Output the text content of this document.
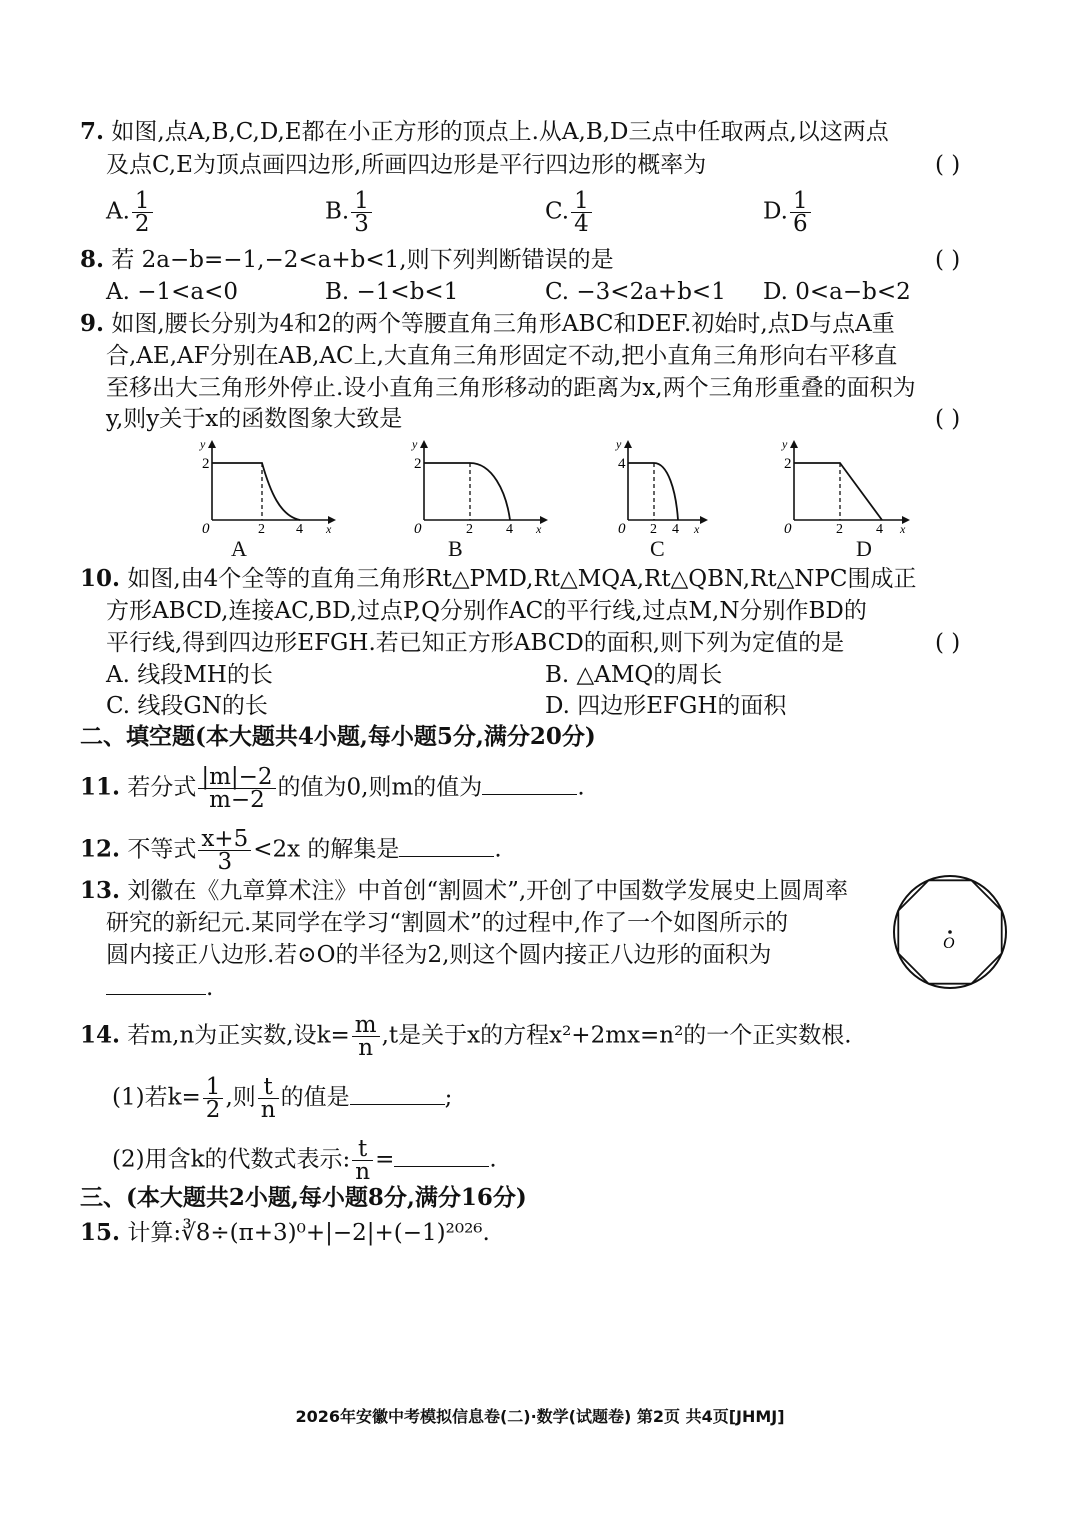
7. 如图,点A,B,C,D,E都在小正方形的顶点上.从A,B,D三点中任取两点,以这两点
及点C,E为顶点画四边形,所画四边形是平行四边形的概率为	( )
A. $\frac{1}{2}$	B. $\frac{1}{3}$	C. $\frac{1}{4}$	D. $\frac{1}{6}$
8. 若 2a−b=−1,−2<a+b<1,则下列判断错误的是	( )
A. −1<a<0	B. −1<b<1	C. −3<2a+b<1 D. 0<a−b<2
9. 如图,腰长分别为4和2的两个等腰直角三角形ABC和DEF.初始时,点D与点A重
合,AE,AF分别在AB,AC上,大直角三角形固定不动,把小直角三角形向右平移直
至移出大三角形外停止.设小直角三角形移动的距离为x,两个三角形重叠的面积为
y,则y关于x的函数图象大致是	( )
2
0	2 4 x
y
A
2
0	2 4 x
y
B
4
0 2 4 x
y
C
2
0	2 4 x
y
D
10. 如图,由4个全等的直角三角形Rt△PMD,Rt△MQA,Rt△QBN,Rt△NPC围成正
方形ABCD,连接AC,BD,过点P,Q分别作AC的平行线,过点M,N分别作BD的
平行线,得到四边形EFGH.若已知正方形ABCD的面积,则下列为定值的是	( )
A. 线段MH的长	B. △AMQ的周长
C. 线段GN的长	D. 四边形EFGH的面积
二、填空题(本大题共4小题,每小题5分,满分20分)
11. 若分式 $\frac{|m|-2}{m-2}$ 的值为0,则m的值为	.
12. 不等式 $\frac{x+5}{3} <2x$ 的解集是	.
13. 刘徽在《九章算术注》中首创“割圆术”,开创了中国数学发展史上圆周率
研究的新纪元.某同学在学习“割圆术”的过程中,作了一个如图所示的
圆内接正八边形.若⊙O的半径为2,则这个圆内接正八边形的面积为
.
O
14. 若m,n为正实数,设$k= \frac{m}{n} ,t$是关于x的方程x²+2mx=n²的一个正实数根.
(1)若$k= \frac{1}{2}$ ,则 $\frac{t}{n}$ 的值是	;
(2)用含k的代数式表示: $\frac{t}{n}$ =	.
三、(本大题共2小题,每小题8分,满分16分)
15. 计算:∛8÷(π+3)⁰+|−2|+(−1)²⁰²⁶.
2026年安徽中考模拟信息卷(二)·数学(试题卷) 第2页 共4页[JHMJ]
